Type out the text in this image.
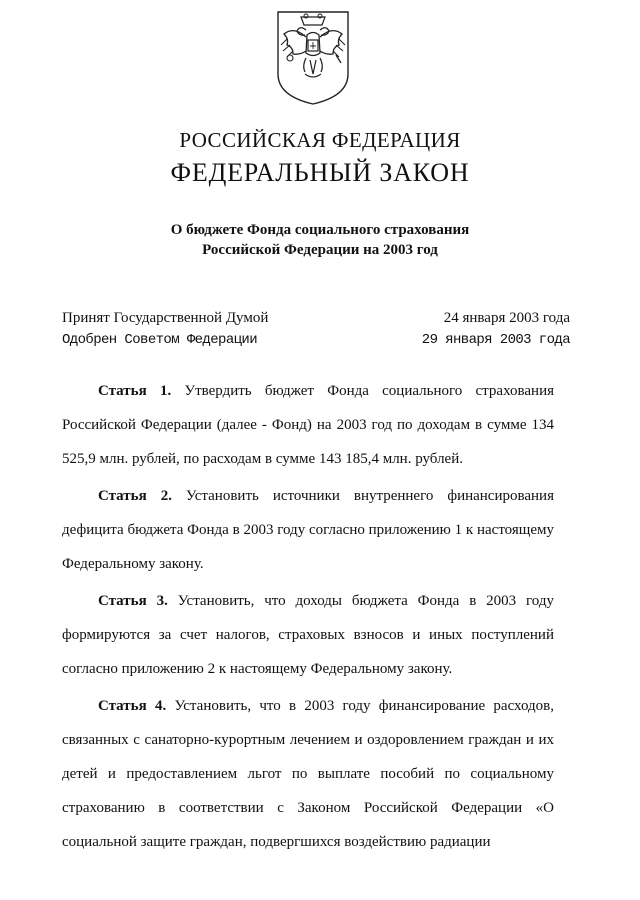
РОССИЙСКАЯ ФЕДЕРАЦИЯ
ФЕДЕРАЛЬНЫЙ ЗАКОН
О бюджете Фонда социального страхования
Российской Федерации на 2003 год
Принят Государственной Думой	24 января 2003 года
Одобрен Советом Федерации	29 января 2003 года

Статья 1. Утвердить бюджет Фонда социального страхования Российской Федерации (далее - Фонд) на 2003 год по доходам в сумме 134 525,9 млн. рублей, по расходам в сумме 143 185,4 млн. рублей.

Статья 2. Установить источники внутреннего финансирования дефицита бюджета Фонда в 2003 году согласно приложению 1 к настоящему Федеральному закону.

Статья 3. Установить, что доходы бюджета Фонда в 2003 году формируются за счет налогов, страховых взносов и иных поступлений согласно приложению 2 к настоящему Федеральному закону.

Статья 4. Установить, что в 2003 году финансирование расходов, связанных с санаторно-курортным лечением и оздоровлением граждан и их детей и предоставлением льгот по выплате пособий по социальному страхованию в соответствии с Законом Российской Федерации «О социальной защите граждан, подвергшихся воздействию радиации
